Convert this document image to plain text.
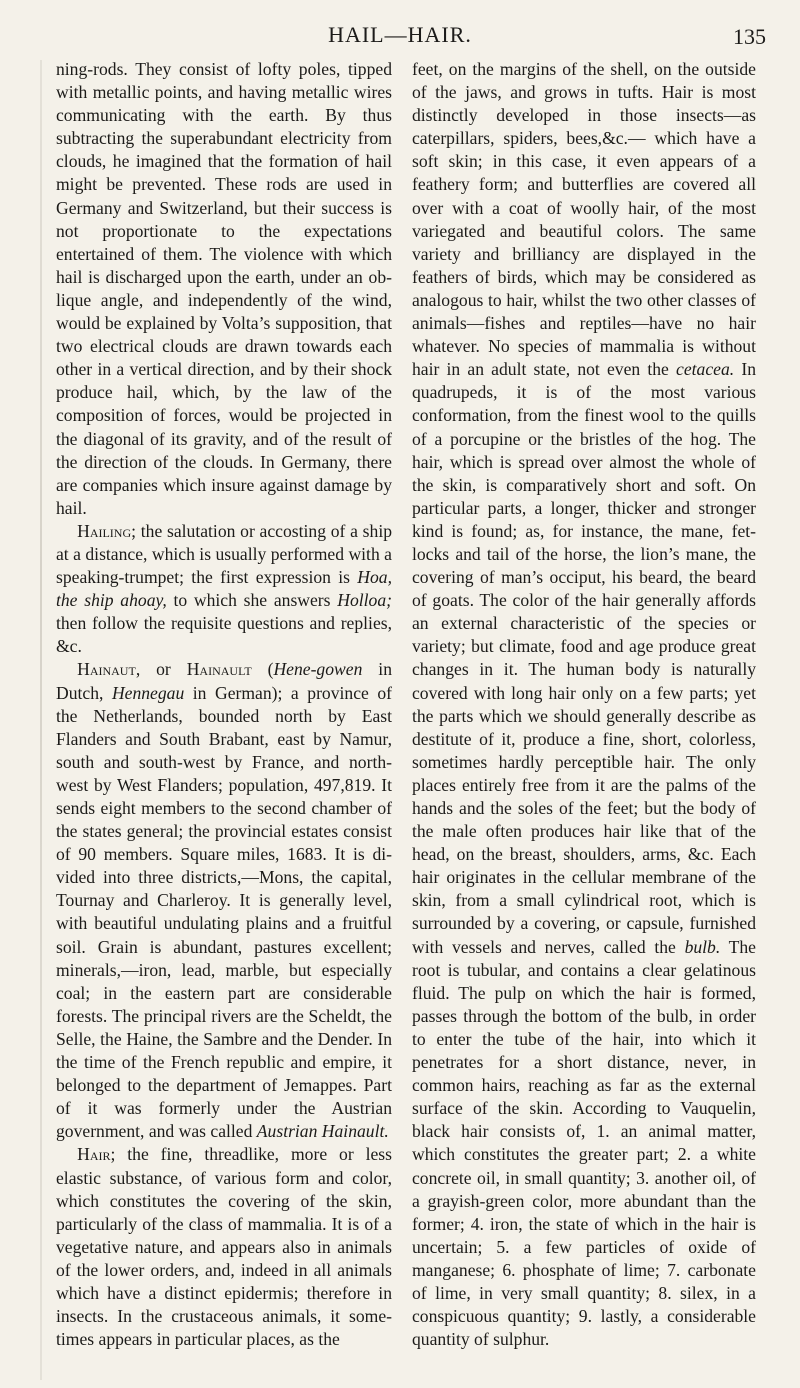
HAIL—HAIR.	135

ning-rods. They consist of lofty poles, tipped with metallic points, and having metallic wires communicating with the earth. By thus subtracting the superabundant electricity from clouds, he imagined that the formation of hail might be prevented. These rods are used in Germany and Switzerland, but their success is not proportionate to the expectations entertained of them. The violence with which hail is discharged upon the earth, under an oblique angle, and independently of the wind, would be explained by Volta’s supposition, that two electrical clouds are drawn towards each other in a vertical direction, and by their shock produce hail, which, by the law of the composition of forces, would be projected in the diagonal of its gravity, and of the result of the direction of the clouds. In Germany, there are companies which insure against damage by hail.

Hailing; the salutation or accosting of a ship at a distance, which is usually performed with a speaking-trumpet; the first expression is Hoa, the ship ahoay, to which she answers Holloa; then follow the requisite questions and replies, &c.

Hainaut, or Hainault (Hene-gowen in Dutch, Hennegau in German); a province of the Netherlands, bounded north by East Flanders and South Brabant, east by Namur, south and south-west by France, and north-west by West Flanders; population, 497,819. It sends eight members to the second chamber of the states general; the provincial estates consist of 90 members. Square miles, 1683. It is divided into three districts,—Mons, the capital, Tournay and Charleroy. It is generally level, with beautiful undulating plains and a fruitful soil. Grain is abundant, pastures excellent; minerals,—iron, lead, marble, but especially coal; in the eastern part are considerable forests. The principal rivers are the Scheldt, the Selle, the Haine, the Sambre and the Dender. In the time of the French republic and empire, it belonged to the department of Jemappes. Part of it was formerly under the Austrian government, and was called Austrian Hainault.

Hair; the fine, threadlike, more or less elastic substance, of various form and color, which constitutes the covering of the skin, particularly of the class of mammalia. It is of a vegetative nature, and appears also in animals of the lower orders, and, indeed in all animals which have a distinct epidermis; therefore in insects. In the crustaceous animals, it sometimes appears in particular places, as the

feet, on the margins of the shell, on the outside of the jaws, and grows in tufts. Hair is most distinctly developed in those insects—as caterpillars, spiders, bees,&c.— which have a soft skin; in this case, it even appears of a feathery form; and butterflies are covered all over with a coat of woolly hair, of the most variegated and beautiful colors. The same variety and brilliancy are displayed in the feathers of birds, which may be considered as analogous to hair, whilst the two other classes of animals—fishes and reptiles—have no hair whatever. No species of mammalia is without hair in an adult state, not even the cetacea. In quadrupeds, it is of the most various conformation, from the finest wool to the quills of a porcupine or the bristles of the hog. The hair, which is spread over almost the whole of the skin, is comparatively short and soft. On particular parts, a longer, thicker and stronger kind is found; as, for instance, the mane, fetlocks and tail of the horse, the lion’s mane, the covering of man’s occiput, his beard, the beard of goats. The color of the hair generally affords an external characteristic of the species or variety; but climate, food and age produce great changes in it. The human body is naturally covered with long hair only on a few parts; yet the parts which we should generally describe as destitute of it, produce a fine, short, colorless, sometimes hardly perceptible hair. The only places entirely free from it are the palms of the hands and the soles of the feet; but the body of the male often produces hair like that of the head, on the breast, shoulders, arms, &c. Each hair originates in the cellular membrane of the skin, from a small cylindrical root, which is surrounded by a covering, or capsule, furnished with vessels and nerves, called the bulb. The root is tubular, and contains a clear gelatinous fluid. The pulp on which the hair is formed, passes through the bottom of the bulb, in order to enter the tube of the hair, into which it penetrates for a short distance, never, in common hairs, reaching as far as the external surface of the skin. According to Vauquelin, black hair consists of, 1. an animal matter, which constitutes the greater part; 2. a white concrete oil, in small quantity; 3. another oil, of a grayish-green color, more abundant than the former; 4. iron, the state of which in the hair is uncertain; 5. a few particles of oxide of manganese; 6. phosphate of lime; 7. carbonate of lime, in very small quantity; 8. silex, in a conspicuous quantity; 9. lastly, a considerable quantity of sulphur.
